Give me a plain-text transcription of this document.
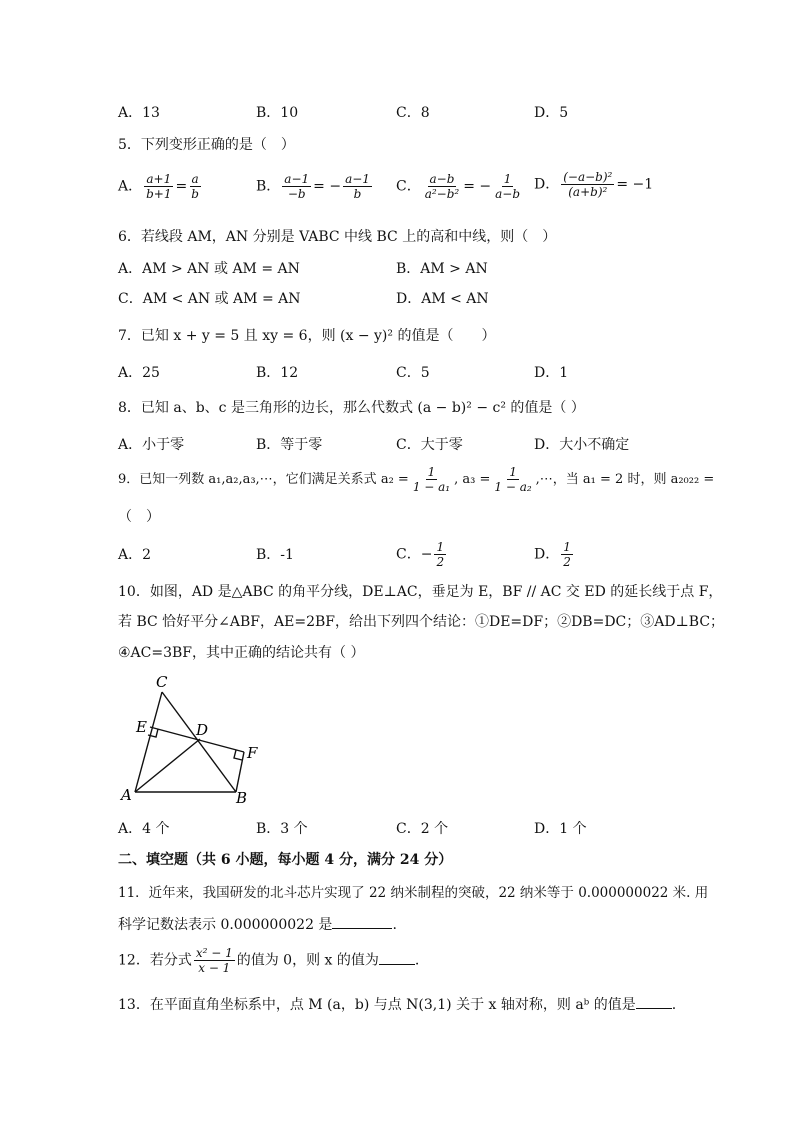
A．13	B．10	C．8	D．5
5．下列变形正确的是（　）
A． $\frac{a+1}{b+1} = \frac{a}{b}$	B． $\frac{a-1}{-b}$ = − $\frac{a-1}{b}$ C． $\frac{a-b}{\text{a²−b²}}$ = − $\frac{1}{a-b}$ D． $\frac{\text{(−a−b)²}}{\text{(a+b)²}} = -1$
6．若线段 AM，AN 分别是 VABC 中线 BC 上的高和中线，则（　）
A．AM > AN 或 AM = AN	B．AM > AN
C．AM < AN 或 AM = AN	D．AM < AN
7．已知 x + y = 5 且 xy = 6，则 (x − y)² 的值是（　　）
A．25	B．12	C．5	D．1
8．已知 a、b、c 是三角形的边长，那么代数式 (a − b)² − c² 的值是（ ）
A．小于零	B．等于零	C．大于零	D．大小不确定
9．已知一列数 a₁,a₂,a₃,⋯，它们满足关系式 $a_2 = \frac{1}{\text{1 − a₁}}$ , $a_3 = \frac{1}{\text{1 − a₂}}$ ,⋯，当 a₁ = 2 时，则 a₂₀₂₂ =
（　）
A．2	B．-1	C．− $\frac{1}{2}$	D． $\frac{1}{2}$
10．如图，AD 是△ABC 的角平分线，DE⊥AC，垂足为 E，BF // AC 交 ED 的延长线于点 F，
若 BC 恰好平分∠ABF，AE=2BF，给出下列四个结论：①DE=DF；②DB=DC；③AD⊥BC；
④AC=3BF，其中正确的结论共有（ ）
C
E	D
F
A	B
A．4 个	B．3 个	C．2 个	D．1 个
二、填空题（共 6 小题，每小题 4 分，满分 24 分）
11．近年来，我国研发的北斗芯片实现了 22 纳米制程的突破，22 纳米等于 0.000000022 米. 用
科学记数法表示 0.000000022 是	.
12．若分式 $\frac{\text{x² − 1}}{x - 1}$ 的值为 0，则 x 的值为	.
13．在平面直角坐标系中，点 M (a，b) 与点 N(3,1) 关于 x 轴对称，则 aᵇ 的值是	.
